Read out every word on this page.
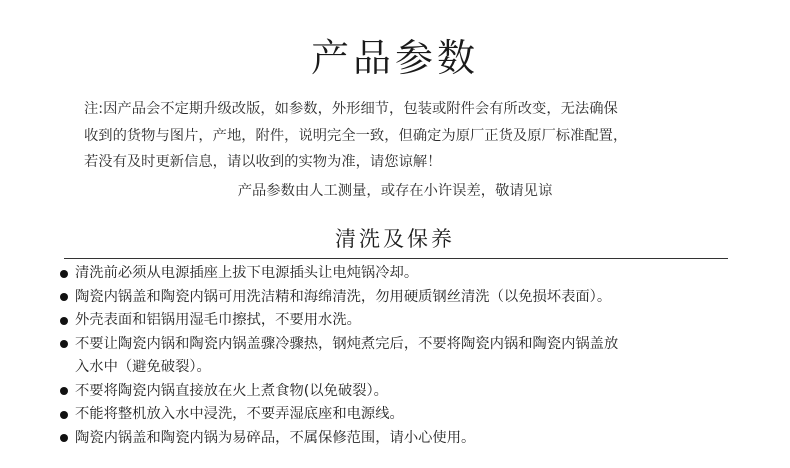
产品参数
注:因产品会不定期升级改版，如参数，外形细节，包装或附件会有所改变，无法确保
收到的货物与图片，产地，附件，说明完全一致，但确定为原厂正货及原厂标准配置，
若没有及时更新信息，请以收到的实物为准，请您谅解！
产品参数由人工测量，或存在小许误差，敬请见谅
清洗及保养
清洗前必须从电源插座上拔下电源插头让电炖锅冷却。
陶瓷内锅盖和陶瓷内锅可用洗洁精和海绵清洗，勿用硬质钢丝清洗（以免损坏表面）。
外壳表面和铝锅用湿毛巾擦拭，不要用水洗。
不要让陶瓷内锅和陶瓷内锅盖骤冷骤热，钢炖煮完后，不要将陶瓷内锅和陶瓷内锅盖放
入水中（避免破裂）。
不要将陶瓷内锅直接放在火上煮食物(以免破裂）。
不能将整机放入水中浸洗，不要弄湿底座和电源线。
陶瓷内锅盖和陶瓷内锅为易碎品，不属保修范围，请小心使用。
